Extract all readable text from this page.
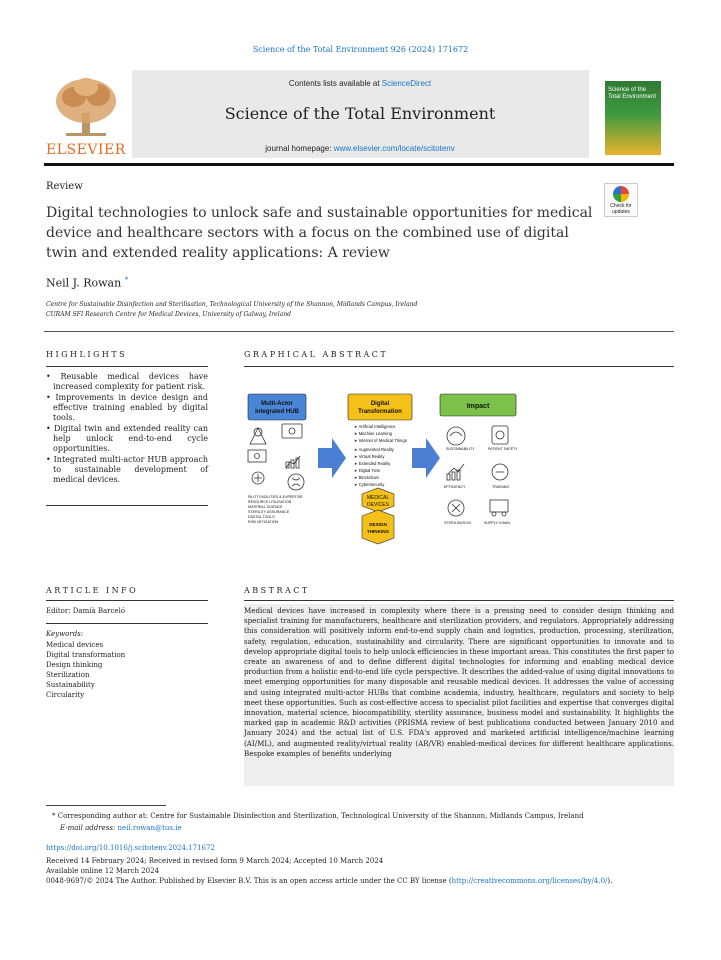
Science of the Total Environment 926 (2024) 171672
ELSEVIER
Contents lists available at ScienceDirect
Science of the Total Environment
journal homepage: www.elsevier.com/locate/scitotenv
Science of the Total Environment
Review
Digital technologies to unlock safe and sustainable opportunities for medical device and healthcare sectors with a focus on the combined use of digital twin and extended reality applications: A review
Check for updates
Neil J. Rowan *
Centre for Sustainable Disinfection and Sterilisation, Technological University of the Shannon, Midlands Campus, Ireland
CURAM SFI Research Centre for Medical Devices, University of Galway, Ireland
HIGHLIGHTS
• Reusable medical devices have increased complexity for patient risk.
• Improvements in device design and effective training enabled by digital tools.
• Digital twin and extended reality can help unlock end-to-end cycle opportunities.
• Integrated multi-actor HUB approach to sustainable development of medical devices.
GRAPHICAL ABSTRACT
Multi-Actor
Integrated HUB
PILOT FACILITIES & EXPERTISE
RESOURCE UTILISATION
MATERIAL SCIENCE
STERILITY ASSURANCE
DIGITAL TOOLS
RISK MITIGATION
Digital
Transformation
➤ Artificial Intelligence
➤ Machine Learning
➤ Internet of Medical Things
➤ Augmented Reality
➤ Virtual Reality
➤ Extended Reality
➤ Digital Twin
➤ Blockchain
➤ Cybersecurity
MEDICAL
DEVICES
DESIGN
THINKING
Impact
SUSTAINABILITY	PATIENT SAFETY
EFFICIENCY	TRAINING
STERILISATION	SUPPLY CHAIN
ARTICLE INFO
Editor: Damià Barceló
Keywords:
Medical devices
Digital transformation
Design thinking
Sterilization
Sustainability
Circularity
ABSTRACT
Medical devices have increased in complexity where there is a pressing need to consider design thinking and specialist training for manufacturers, healthcare and sterilization providers, and regulators. Appropriately addressing this consideration will positively inform end-to-end supply chain and logistics, production, processing, sterilization, safety, regulation, education, sustainability and circularity. There are significant opportunities to innovate and to develop appropriate digital tools to help unlock efficiencies in these important areas. This constitutes the first paper to create an awareness of and to define different digital technologies for informing and enabling medical device production from a holistic end-to-end life cycle perspective. It describes the added-value of using digital innovations to meet emerging opportunities for many disposable and reusable medical devices. It addresses the value of accessing and using integrated multi-actor HUBs that combine academia, industry, healthcare, regulators and society to help meet these opportunities. Such as cost-effective access to specialist pilot facilities and expertise that converges digital innovation, material science, biocompatibility, sterility assurance, business model and sustainability. It highlights the marked gap in academic R&D activities (PRISMA review of best publications conducted between January 2010 and January 2024) and the actual list of U.S. FDA's approved and marketed artificial intelligence/machine learning (AI/ML), and augmented reality/virtual reality (AR/VR) enabled-medical devices for different healthcare applications. Bespoke examples of benefits underlying
* Corresponding author at: Centre for Sustainable Disinfection and Sterilization, Technological University of the Shannon, Midlands Campus, Ireland
E-mail address: neil.rowan@tus.ie
https://doi.org/10.1016/j.scitotenv.2024.171672
Received 14 February 2024; Received in revised form 9 March 2024; Accepted 10 March 2024
Available online 12 March 2024
0048-9697/© 2024 The Author. Published by Elsevier B.V. This is an open access article under the CC BY license (http://creativecommons.org/licenses/by/4.0/).
